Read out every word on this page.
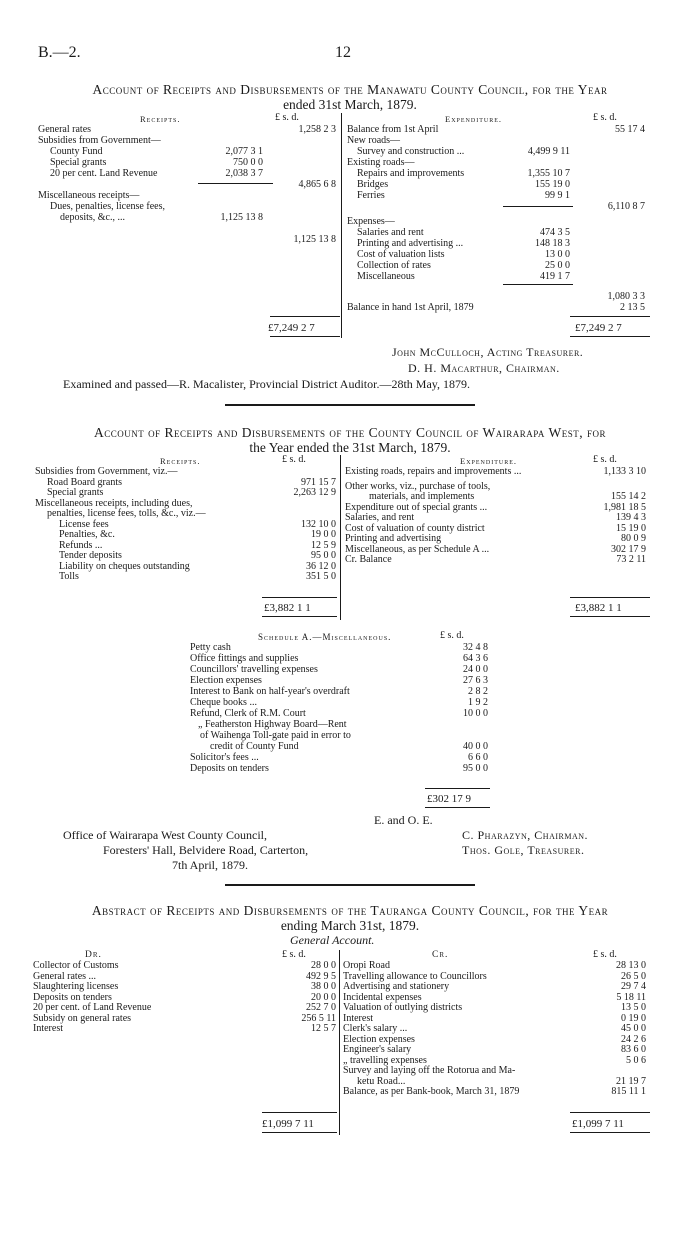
B.—2.	12
Account of Receipts and Disbursements of the Manawatu County Council, for the Year
ended 31st March, 1879.
Receipts.	£ s. d.	Expenditure.	£ s. d.
General rates	1,258 2 3
Subsidies from Government—
County Fund	2,077 3 1
Special grants	750 0 0
20 per cent. Land Revenue	2,038 3 7
4,865 6 8
Miscellaneous receipts—
Dues, penalties, license fees,
deposits, &c., ...	1,125 13 8
1,125 13 8
Balance from 1st April	55 17 4
New roads—
Survey and construction ...	4,499 9 11
Existing roads—
Repairs and improvements	1,355 10 7
Bridges	155 19 0
Ferries	99 9 1
6,110 8 7
Expenses—
Salaries and rent	474 3 5
Printing and advertising ...	148 18 3
Cost of valuation lists	13 0 0
Collection of rates	25 0 0
Miscellaneous	419 1 7
1,080 3 3
Balance in hand 1st April, 1879	2 13 5
£7,249 2 7	£7,249 2 7
John McCulloch, Acting Treasurer.
D. H. Macarthur, Chairman.
Examined and passed—R. Macalister, Provincial District Auditor.—28th May, 1879.
Account of Receipts and Disbursements of the County Council of Wairarapa West, for
the Year ended the 31st March, 1879.
Receipts.	£ s. d.	Expenditure.	£ s. d.
Subsidies from Government, viz.—
Road Board grants	971 15 7
Special grants	2,263 12 9
Miscellaneous receipts, including dues,
penalties, license fees, tolls, &c., viz.—
License fees	132 10 0
Penalties, &c.	19 0 0
Refunds ...	12 5 9
Tender deposits	95 0 0
Liability on cheques outstanding	36 12 0
Tolls	351 5 0
Existing roads, repairs and improvements ...	1,133 3 10
Other works, viz., purchase of tools,
materials, and implements	155 14 2
Expenditure out of special grants ...	1,981 18 5
Salaries, and rent	139 4 3
Cost of valuation of county district	15 19 0
Printing and advertising	80 0 9
Miscellaneous, as per Schedule A ...	302 17 9
Cr. Balance	73 2 11
£3,882 1 1	£3,882 1 1
Schedule A.—Miscellaneous.	£ s. d.
Petty cash	32 4 8
Office fittings and supplies	64 3 6
Councillors' travelling expenses	24 0 0
Election expenses	27 6 3
Interest to Bank on half-year's overdraft	2 8 2
Cheque books ...	1 9 2
Refund, Clerk of R.M. Court	10 0 0
„ Featherston Highway Board—Rent
of Waihenga Toll-gate paid in error to
credit of County Fund	40 0 0
Solicitor's fees ...	6 6 0
Deposits on tenders	95 0 0
£302 17 9
E. and O. E.
Office of Wairarapa West County Council,
Foresters' Hall, Belvidere Road, Carterton,
7th April, 1879.
C. Pharazyn, Chairman.
Thos. Gole, Treasurer.
Abstract of Receipts and Disbursements of the Tauranga County Council, for the Year
ending March 31st, 1879.
General Account.
Dr.	£ s. d.	Cr.	£ s. d.
Collector of Customs	28 0 0
General rates ...	492 9 5
Slaughtering licenses	38 0 0
Deposits on tenders	20 0 0
20 per cent. of Land Revenue	252 7 0
Subsidy on general rates	256 5 11
Interest	12 5 7
Oropi Road	28 13 0
Travelling allowance to Councillors	26 5 0
Advertising and stationery	29 7 4
Incidental expenses	5 18 11
Valuation of outlying districts	13 5 0
Interest	0 19 0
Clerk's salary ...	45 0 0
Election expenses	24 2 6
Engineer's salary	83 6 0
„ travelling expenses	5 0 6
Survey and laying off the Rotorua and Ma-
ketu Road...	21 19 7
Balance, as per Bank-book, March 31, 1879	815 11 1
£1,099 7 11	£1,099 7 11
